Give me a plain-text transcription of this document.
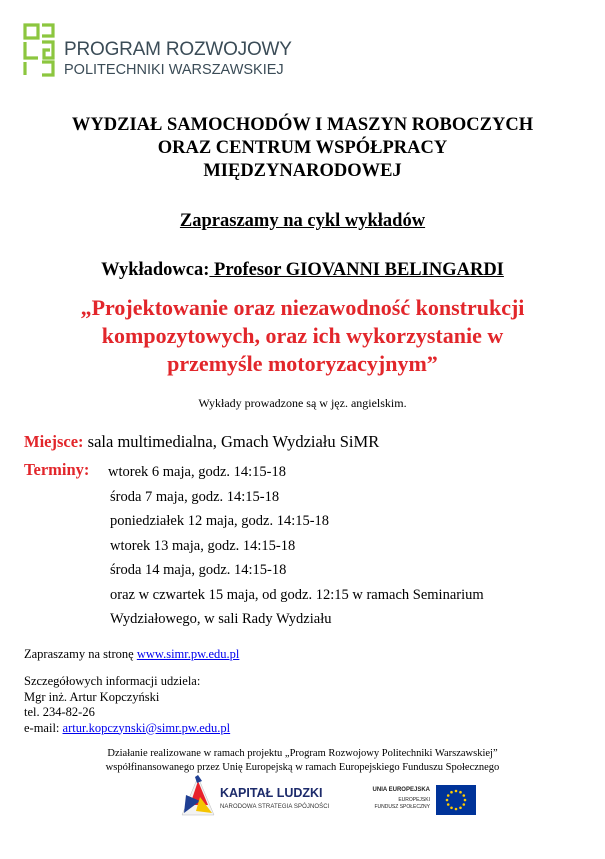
PROGRAM ROZWOJOWY
POLITECHNIKI WARSZAWSKIEJ
WYDZIAŁ SAMOCHODÓW I MASZYN ROBOCZYCH
ORAZ CENTRUM WSPÓŁPRACY
MIĘDZYNARODOWEJ
Zapraszamy na cykl wykładów
Wykładowca: Profesor GIOVANNI BELINGARDI
„Projektowanie oraz niezawodność konstrukcji
kompozytowych, oraz ich wykorzystanie w
przemyśle motoryzacyjnym”
Wykłady prowadzone są w jęz. angielskim.
Miejsce: sala multimedialna, Gmach Wydziału SiMR
Terminy: wtorek 6 maja, godz. 14:15-18
środa 7 maja, godz. 14:15-18
poniedziałek 12 maja, godz. 14:15-18
wtorek 13 maja, godz. 14:15-18
środa 14 maja, godz. 14:15-18
oraz w czwartek 15 maja, od godz. 12:15 w ramach Seminarium
Wydziałowego, w sali Rady Wydziału
Zapraszamy na stronę www.simr.pw.edu.pl
Szczegółowych informacji udziela:
Mgr inż. Artur Kopczyński
tel. 234-82-26
e-mail: artur.kopczynski@simr.pw.edu.pl
Działanie realizowane w ramach projektu „Program Rozwojowy Politechniki Warszawskiej”
współfinansowanego przez Unię Europejską w ramach Europejskiego Funduszu Społecznego
KAPITAŁ LUDZKI
NARODOWA STRATEGIA SPÓJNOŚCI
UNIA EUROPEJSKA
EUROPEJSKI
FUNDUSZ SPOŁECZNY
